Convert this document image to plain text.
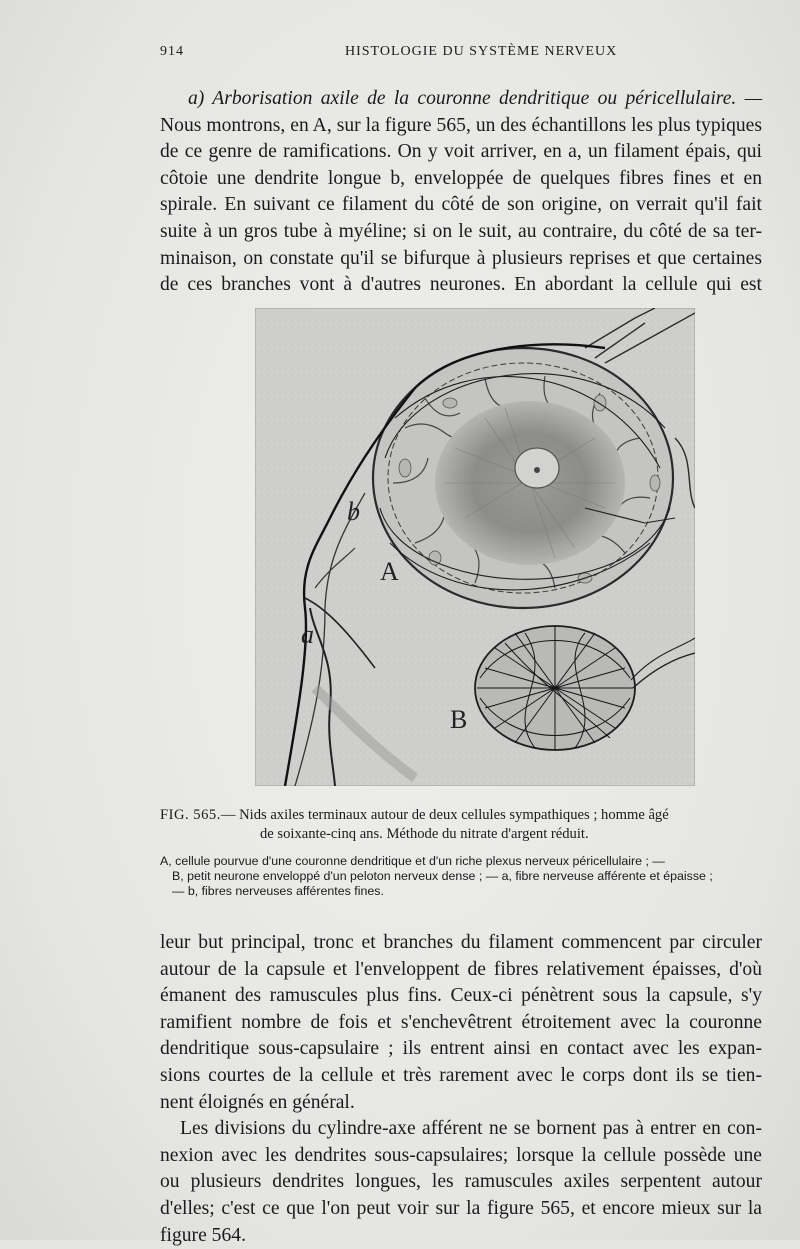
914	HISTOLOGIE DU SYSTÈME NERVEUX
a) Arborisation axile de la couronne dendritique ou péricellulaire. —
Nous montrons, en A, sur la figure 565, un des échantillons les plus typiques
de ce genre de ramifications. On y voit arriver, en a, un filament épais, qui
côtoie une dendrite longue b, enveloppée de quelques fibres fines et en
spirale. En suivant ce filament du côté de son origine, on verrait qu'il fait
suite à un gros tube à myéline; si on le suit, au contraire, du côté de sa ter-
minaison, on constate qu'il se bifurque à plusieurs reprises et que certaines
de ces branches vont à d'autres neurones. En abordant la cellule qui est
b
A
a
B
FIG. 565.— Nids axiles terminaux autour de deux cellules sympathiques ; homme âgé
de soixante-cinq ans. Méthode du nitrate d'argent réduit.
A, cellule pourvue d'une couronne dendritique et d'un riche plexus nerveux péricellulaire ; —
B, petit neurone enveloppé d'un peloton nerveux dense ; — a, fibre nerveuse afférente et épaisse ;
— b, fibres nerveuses afférentes fines.
leur but principal, tronc et branches du filament commencent par circuler
autour de la capsule et l'enveloppent de fibres relativement épaisses, d'où
émanent des ramuscules plus fins. Ceux-ci pénètrent sous la capsule, s'y
ramifient nombre de fois et s'enchevêtrent étroitement avec la couronne
dendritique sous-capsulaire ; ils entrent ainsi en contact avec les expan-
sions courtes de la cellule et très rarement avec le corps dont ils se tien-
nent éloignés en général.
Les divisions du cylindre-axe afférent ne se bornent pas à entrer en con-
nexion avec les dendrites sous-capsulaires; lorsque la cellule possède une
ou plusieurs dendrites longues, les ramuscules axiles serpentent autour
d'elles; c'est ce que l'on peut voir sur la figure 565, et encore mieux sur la
figure 564.
